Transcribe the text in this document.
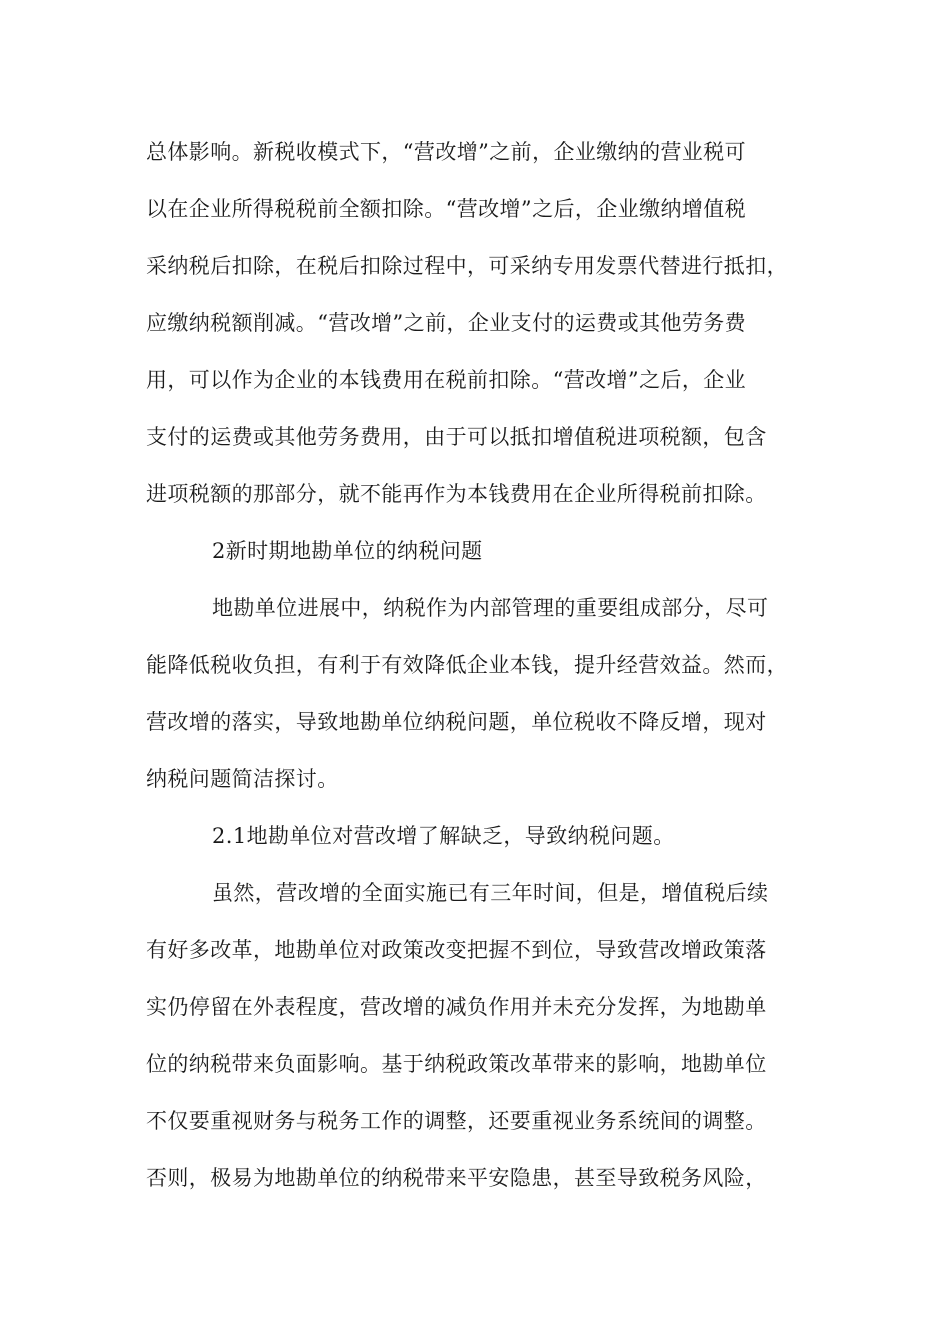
总体影响。新税收模式下，“营改增”之前，企业缴纳的营业税可

以在企业所得税税前全额扣除。“营改增”之后，企业缴纳增值税

采纳税后扣除，在税后扣除过程中，可采纳专用发票代替进行抵扣，

应缴纳税额削减。“营改增”之前，企业支付的运费或其他劳务费

用，可以作为企业的本钱费用在税前扣除。“营改增”之后，企业

支付的运费或其他劳务费用，由于可以抵扣增值税进项税额，包含

进项税额的那部分，就不能再作为本钱费用在企业所得税前扣除。

2新时期地勘单位的纳税问题

地勘单位进展中，纳税作为内部管理的重要组成部分，尽可

能降低税收负担，有利于有效降低企业本钱，提升经营效益。然而，

营改增的落实，导致地勘单位纳税问题，单位税收不降反增，现对

纳税问题简洁探讨。

2.1地勘单位对营改增了解缺乏，导致纳税问题。

虽然，营改增的全面实施已有三年时间，但是，增值税后续

有好多改革，地勘单位对政策改变把握不到位，导致营改增政策落

实仍停留在外表程度，营改增的减负作用并未充分发挥，为地勘单

位的纳税带来负面影响。基于纳税政策改革带来的影响，地勘单位

不仅要重视财务与税务工作的调整，还要重视业务系统间的调整。

否则，极易为地勘单位的纳税带来平安隐患，甚至导致税务风险，
